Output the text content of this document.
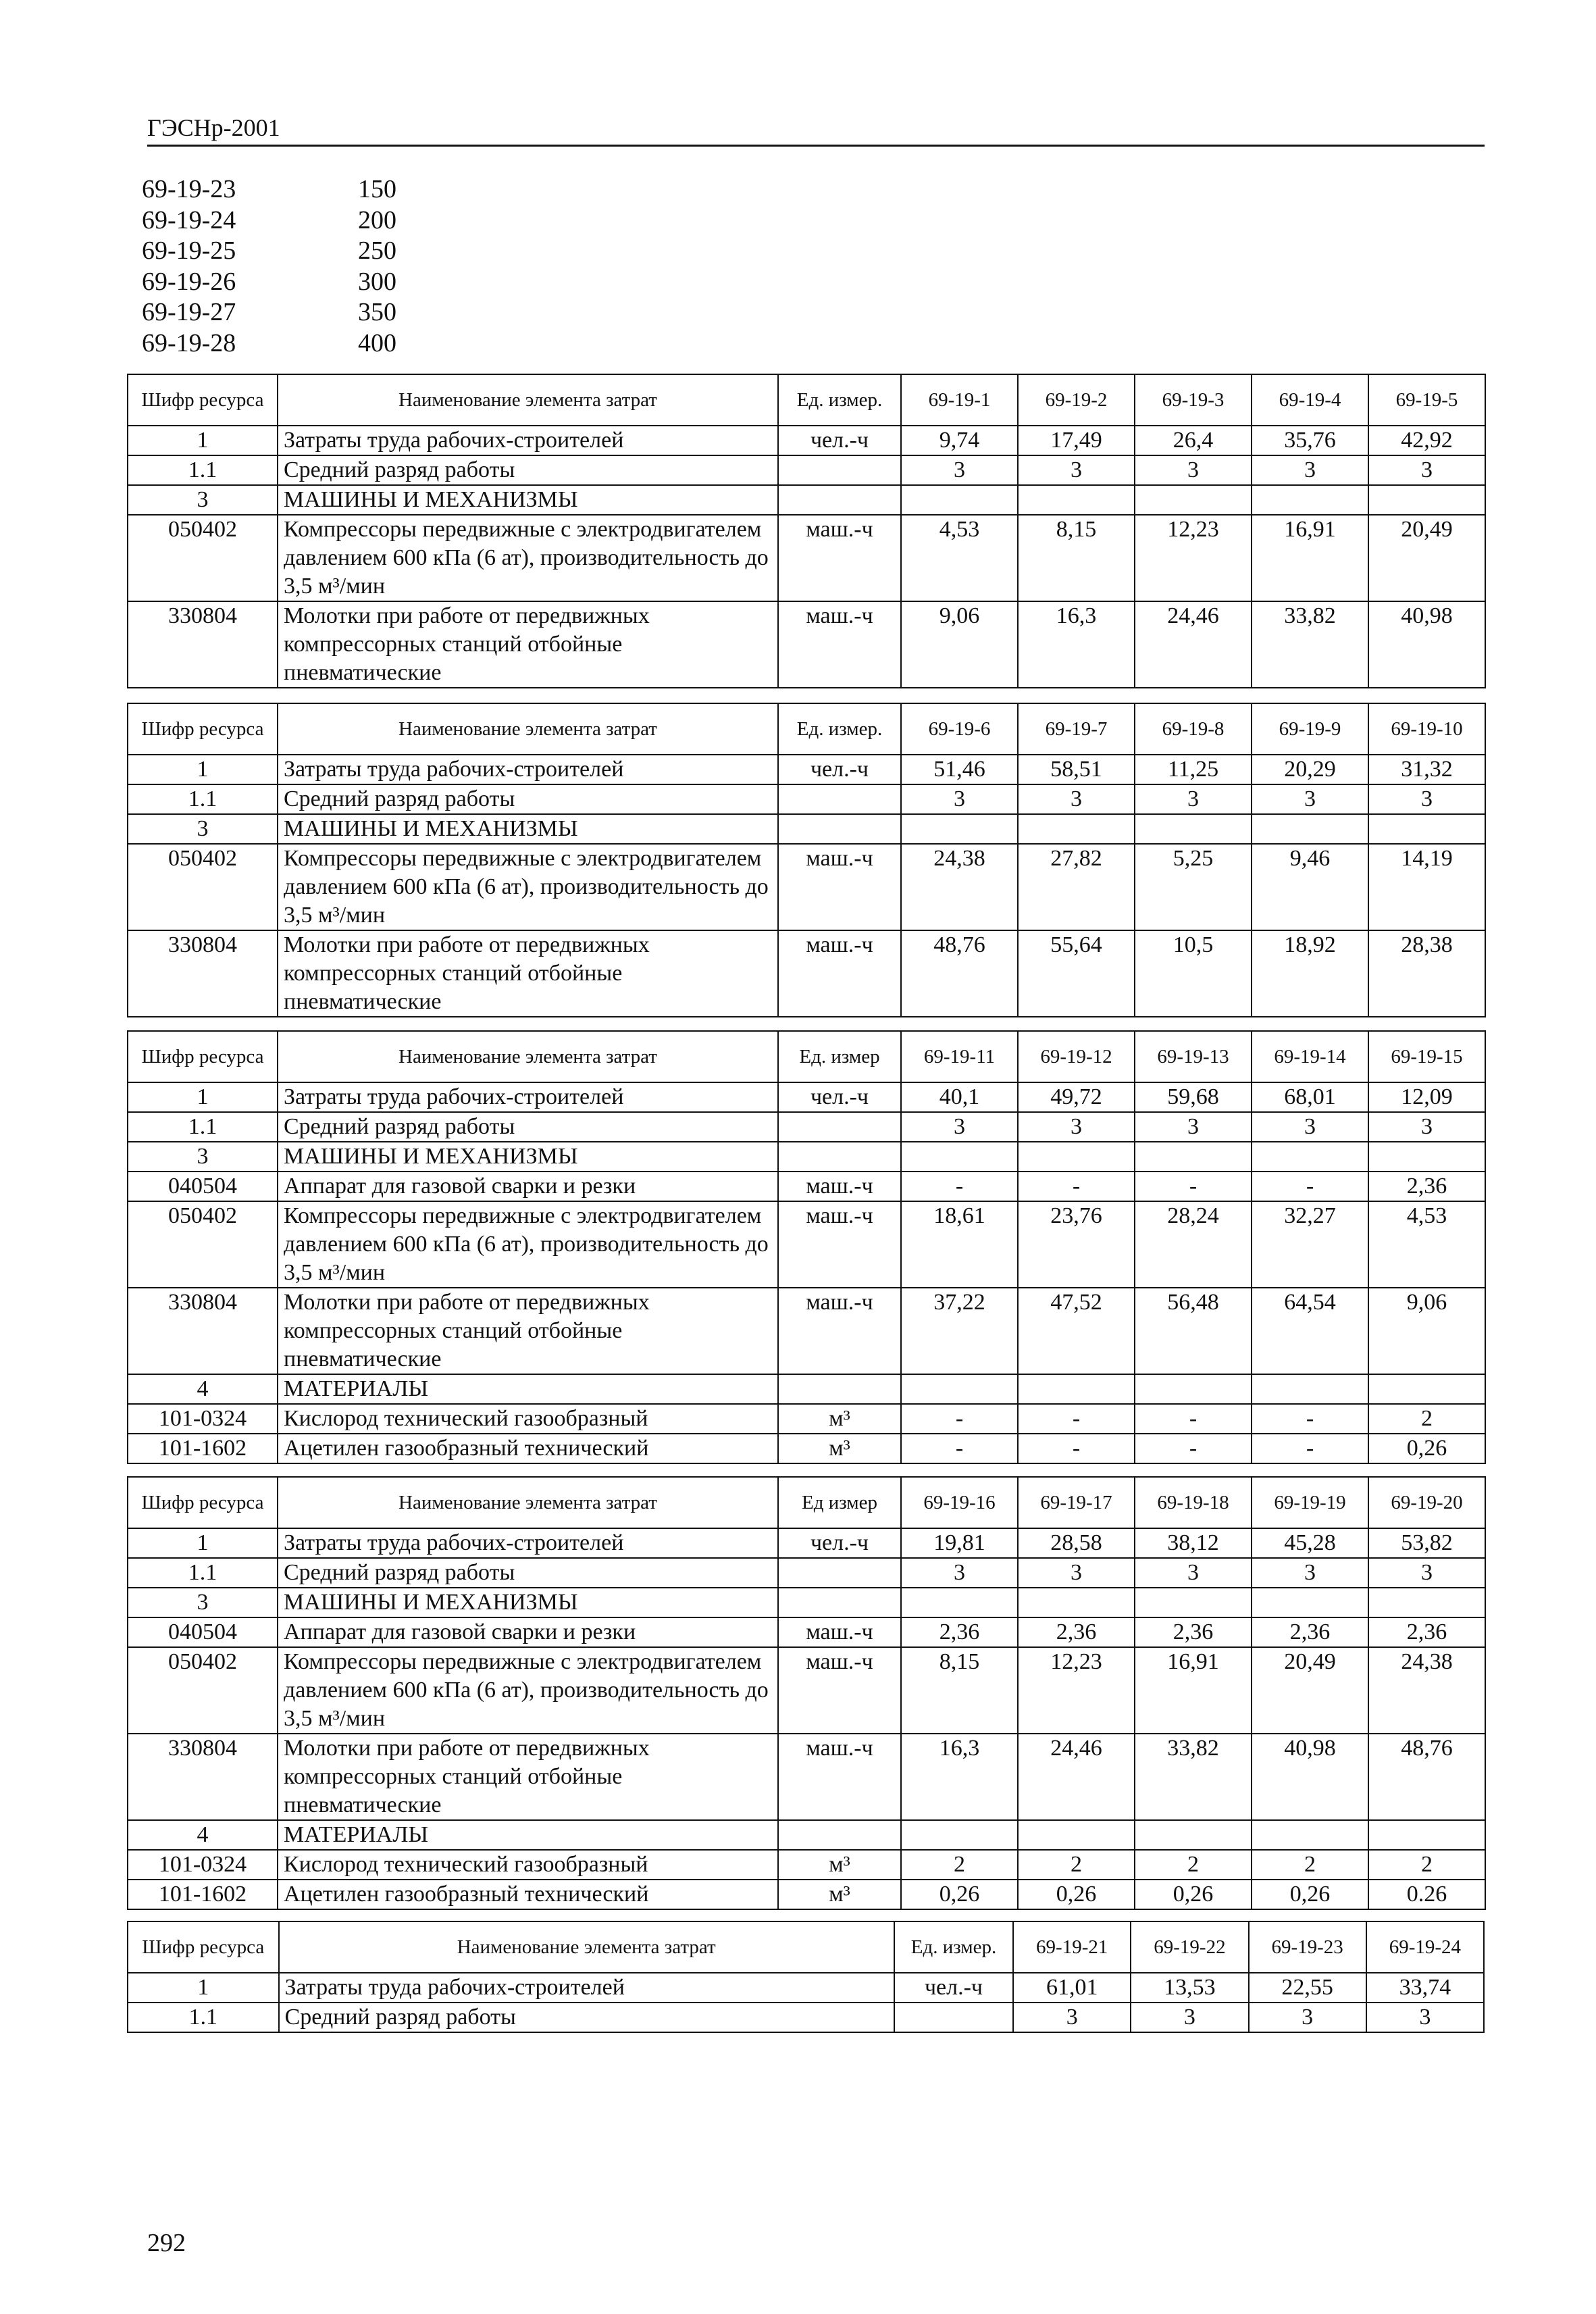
ГЭСНр-2001
69-19-23	150
69-19-24	200
69-19-25	250
69-19-26	300
69-19-27	350
69-19-28	400
Шифр ресурса	Наименование элемента затрат	Ед. измер.	69-19-1	69-19-2	69-19-3	69-19-4	69-19-5
1	Затраты труда рабочих-строителей	чел.-ч	9,74	17,49	26,4	35,76	42,92
1.1	Средний разряд работы		3	3	3	3	3
3	МАШИНЫ И МЕХАНИЗМЫ						
050402	Компрессоры передвижные с электродвигателем давлением 600 кПа (6 ат), производительность до 3,5 м³/мин	маш.-ч	4,53	8,15	12,23	16,91	20,49
330804	Молотки при работе от передвижных компрессорных станций отбойные пневматические	маш.-ч	9,06	16,3	24,46	33,82	40,98
Шифр ресурса	Наименование элемента затрат	Ед. измер.	69-19-6	69-19-7	69-19-8	69-19-9	69-19-10
1	Затраты труда рабочих-строителей	чел.-ч	51,46	58,51	11,25	20,29	31,32
1.1	Средний разряд работы		3	3	3	3	3
3	МАШИНЫ И МЕХАНИЗМЫ						
050402	Компрессоры передвижные с электродвигателем давлением 600 кПа (6 ат), производительность до 3,5 м³/мин	маш.-ч	24,38	27,82	5,25	9,46	14,19
330804	Молотки при работе от передвижных компрессорных станций отбойные пневматические	маш.-ч	48,76	55,64	10,5	18,92	28,38
Шифр ресурса	Наименование элемента затрат	Ед. измер	69-19-11	69-19-12	69-19-13	69-19-14	69-19-15
1	Затраты труда рабочих-строителей	чел.-ч	40,1	49,72	59,68	68,01	12,09
1.1	Средний разряд работы		3	3	3	3	3
3	МАШИНЫ И МЕХАНИЗМЫ						
040504	Аппарат для газовой сварки и резки	маш.-ч	-	-	-	-	2,36
050402	Компрессоры передвижные с электродвигателем давлением 600 кПа (6 ат), производительность до 3,5 м³/мин	маш.-ч	18,61	23,76	28,24	32,27	4,53
330804	Молотки при работе от передвижных компрессорных станций отбойные пневматические	маш.-ч	37,22	47,52	56,48	64,54	9,06
4	МАТЕРИАЛЫ						
101-0324	Кислород технический газообразный	м³	-	-	-	-	2
101-1602	Ацетилен газообразный технический	м³	-	-	-	-	0,26
Шифр ресурса	Наименование элемента затрат	Ед измер	69-19-16	69-19-17	69-19-18	69-19-19	69-19-20
1	Затраты труда рабочих-строителей	чел.-ч	19,81	28,58	38,12	45,28	53,82
1.1	Средний разряд работы		3	3	3	3	3
3	МАШИНЫ И МЕХАНИЗМЫ						
040504	Аппарат для газовой сварки и резки	маш.-ч	2,36	2,36	2,36	2,36	2,36
050402	Компрессоры передвижные с электродвигателем давлением 600 кПа (6 ат), производительность до 3,5 м³/мин	маш.-ч	8,15	12,23	16,91	20,49	24,38
330804	Молотки при работе от передвижных компрессорных станций отбойные пневматические	маш.-ч	16,3	24,46	33,82	40,98	48,76
4	МАТЕРИАЛЫ						
101-0324	Кислород технический газообразный	м³	2	2	2	2	2
101-1602	Ацетилен газообразный технический	м³	0,26	0,26	0,26	0,26	0.26
Шифр ресурса	Наименование элемента затрат	Ед. измер.	69-19-21	69-19-22	69-19-23	69-19-24
1	Затраты труда рабочих-строителей	чел.-ч	61,01	13,53	22,55	33,74
1.1	Средний разряд работы		3	3	3	3
292
